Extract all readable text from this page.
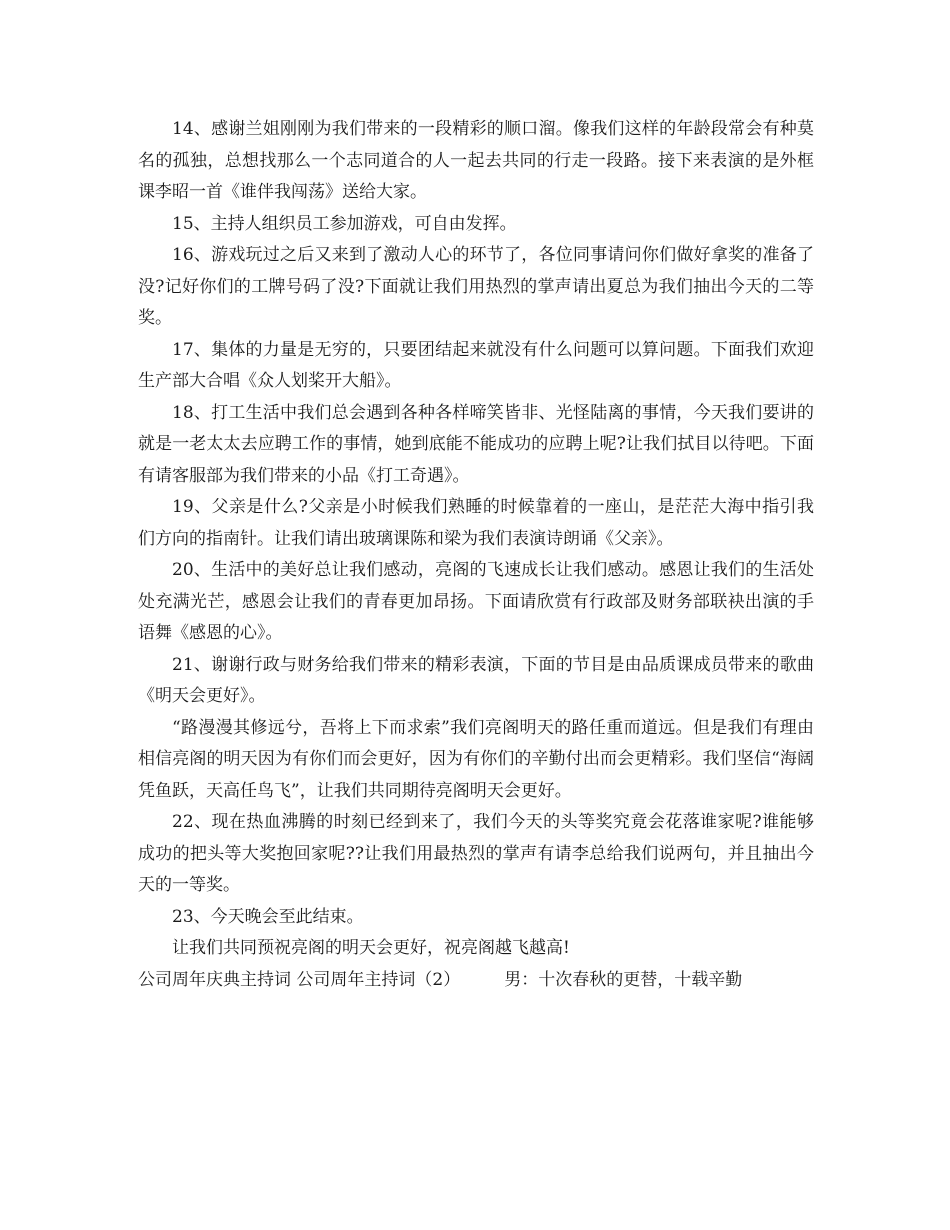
14、感谢兰姐刚刚为我们带来的一段精彩的顺口溜。像我们这样的年龄段常会有种莫名的孤独，总想找那么一个志同道合的人一起去共同的行走一段路。接下来表演的是外框课李昭一首《谁伴我闯荡》送给大家。

15、主持人组织员工参加游戏，可自由发挥。

16、游戏玩过之后又来到了激动人心的环节了，各位同事请问你们做好拿奖的准备了没?记好你们的工牌号码了没?下面就让我们用热烈的掌声请出夏总为我们抽出今天的二等奖。

17、集体的力量是无穷的，只要团结起来就没有什么问题可以算问题。下面我们欢迎生产部大合唱《众人划桨开大船》。

18、打工生活中我们总会遇到各种各样啼笑皆非、光怪陆离的事情，今天我们要讲的就是一老太太去应聘工作的事情，她到底能不能成功的应聘上呢?让我们拭目以待吧。下面有请客服部为我们带来的小品《打工奇遇》。

19、父亲是什么?父亲是小时候我们熟睡的时候靠着的一座山，是茫茫大海中指引我们方向的指南针。让我们请出玻璃课陈和梁为我们表演诗朗诵《父亲》。

20、生活中的美好总让我们感动，亮阁的飞速成长让我们感动。感恩让我们的生活处处充满光芒，感恩会让我们的青春更加昂扬。下面请欣赏有行政部及财务部联袂出演的手语舞《感恩的心》。

21、谢谢行政与财务给我们带来的精彩表演，下面的节目是由品质课成员带来的歌曲《明天会更好》。

“路漫漫其修远兮，吾将上下而求索”我们亮阁明天的路任重而道远。但是我们有理由相信亮阁的明天因为有你们而会更好，因为有你们的辛勤付出而会更精彩。我们坚信“海阔凭鱼跃，天高任鸟飞”，让我们共同期待亮阁明天会更好。

22、现在热血沸腾的时刻已经到来了，我们今天的头等奖究竟会花落谁家呢?谁能够成功的把头等大奖抱回家呢??让我们用最热烈的掌声有请李总给我们说两句，并且抽出今天的一等奖。

23、今天晚会至此结束。

让我们共同预祝亮阁的明天会更好，祝亮阁越飞越高!

公司周年庆典主持词 公司周年主持词（2）	男：十次春秋的更替，十载辛勤
